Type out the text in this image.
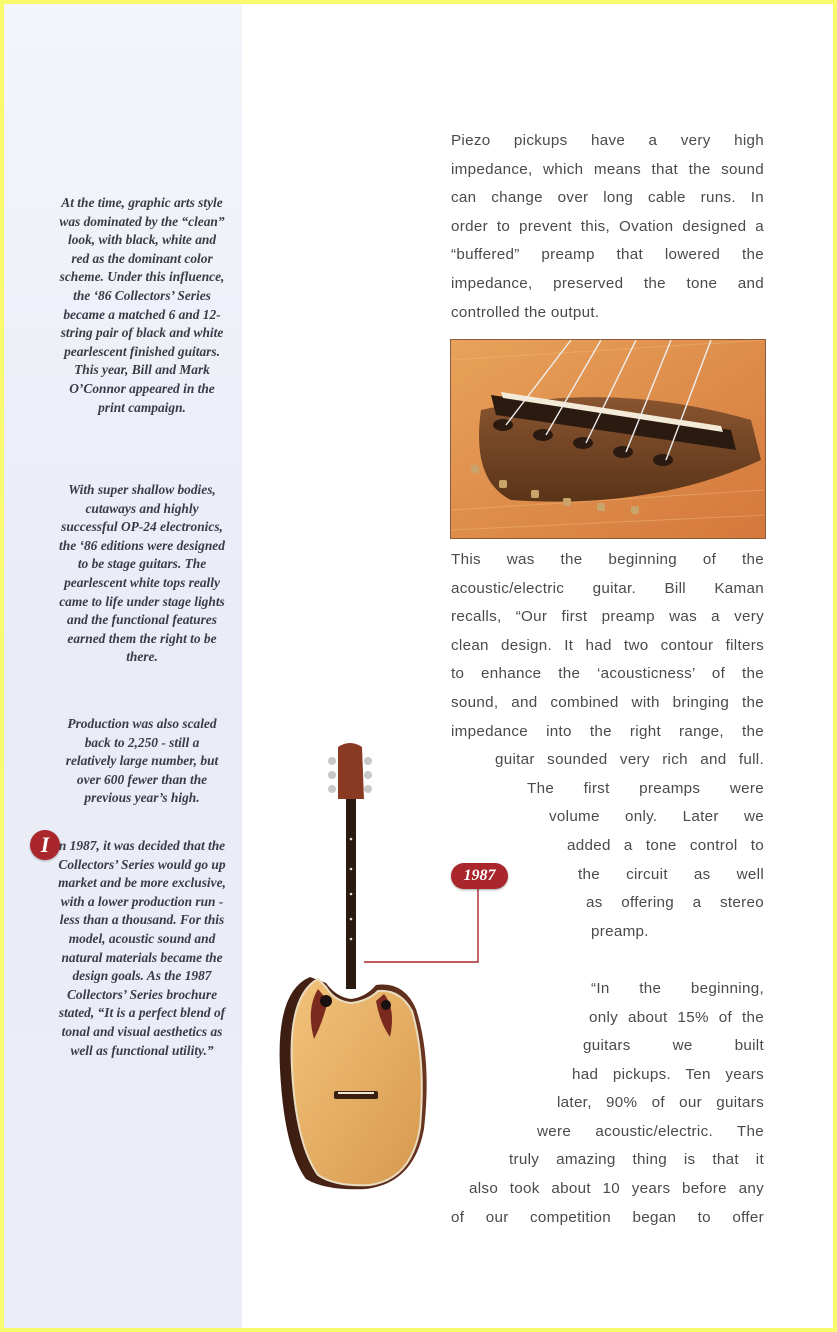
At the time, graphic arts style was dominated by the “clean” look, with black, white and red as the dominant color scheme. Under this influence, the ‘86 Collectors’ Series became a matched 6 and 12-string pair of black and white pearlescent finished guitars. This year, Bill and Mark O’Connor appeared in the print campaign.

With super shallow bodies, cutaways and highly successful OP-24 electronics, the ‘86 editions were designed to be stage guitars. The pearlescent white tops really came to life under stage lights and the functional features earned them the right to be there.

Production was also scaled back to 2,250 - still a relatively large number, but over 600 fewer than the previous year’s high.

I n 1987, it was decided that the Collectors’ Series would go up market and be more exclusive, with a lower production run - less than a thousand. For this model, acoustic sound and natural materials became the design goals. As the 1987 Collectors’ Series brochure stated, “It is a perfect blend of tonal and visual aesthetics as well as functional utility.”

Piezo pickups have a very high
impedance, which means that the sound
can change over long cable runs. In
order to prevent this, Ovation designed a
“buffered” preamp that lowered the
impedance, preserved the tone and
controlled the output.
This was the beginning of the
acoustic/electric guitar. Bill Kaman
recalls, “Our first preamp was a very
clean design. It had two contour filters
to enhance the ‘acousticness’ of the
sound, and combined with bringing the
impedance into the right range, the
guitar sounded very rich and full.
The first preamps were
volume only. Later we
added a tone control to
the circuit as well
as offering a stereo
preamp.
“In the beginning,
only about 15% of the
guitars we built
had pickups. Ten years
later, 90% of our guitars
were acoustic/electric. The
truly amazing thing is that it
also took about 10 years before any
of our competition began to offer
1987
